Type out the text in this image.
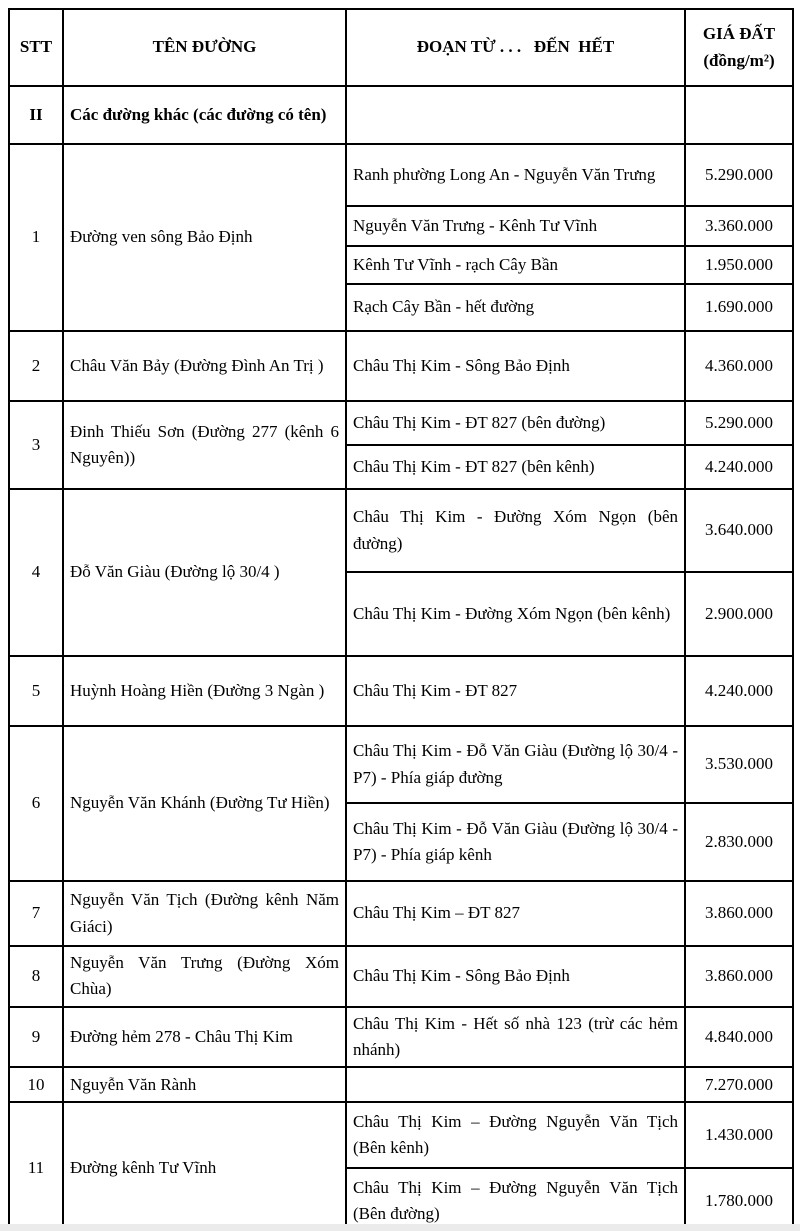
STT	TÊN ĐƯỜNG	ĐOẠN TỪ . . .   ĐẾN  HẾT	GIÁ ĐẤT
(đồng/m²)
II	Các đường khác (các đường có tên)		
1	Đường ven sông Bảo Định	Ranh phường Long An - Nguyễn Văn Trưng	5.290.000
		Nguyễn Văn Trưng - Kênh Tư Vĩnh	3.360.000
		Kênh Tư Vĩnh - rạch Cây Bần	1.950.000
		Rạch Cây Bần - hết đường	1.690.000
2	Châu Văn Bảy (Đường Đình An Trị )	Châu Thị Kim - Sông Bảo Định	4.360.000
3	Đinh Thiếu Sơn (Đường 277 (kênh 6 Nguyên))	Châu Thị Kim - ĐT 827 (bên đường)	5.290.000
		Châu Thị Kim - ĐT 827 (bên kênh)	4.240.000
4	Đỗ Văn Giàu (Đường lộ 30/4 )	Châu Thị Kim - Đường Xóm Ngọn (bên đường)	3.640.000
		Châu Thị Kim - Đường Xóm Ngọn (bên kênh)	2.900.000
5	Huỳnh Hoàng Hiền (Đường 3 Ngàn )	Châu Thị Kim - ĐT 827	4.240.000
6	Nguyễn Văn Khánh (Đường Tư Hiền)	Châu Thị Kim - Đỗ Văn Giàu (Đường lộ 30/4 - P7) - Phía giáp đường	3.530.000
		Châu Thị Kim - Đỗ Văn Giàu (Đường lộ 30/4 - P7) - Phía giáp kênh	2.830.000
7	Nguyễn Văn Tịch (Đường kênh Năm Giáci)	Châu Thị Kim – ĐT 827	3.860.000
8	Nguyễn Văn Trưng (Đường Xóm Chùa)	Châu Thị Kim - Sông Bảo Định	3.860.000
9	Đường hẻm 278 - Châu Thị Kim	Châu Thị Kim - Hết số nhà 123 (trừ các hẻm nhánh)	4.840.000
10	Nguyễn Văn Rành		7.270.000
11	Đường kênh Tư Vĩnh	Châu Thị Kim – Đường Nguyễn Văn Tịch (Bên kênh)	1.430.000
		Châu Thị Kim – Đường Nguyễn Văn Tịch (Bên đường)	1.780.000
